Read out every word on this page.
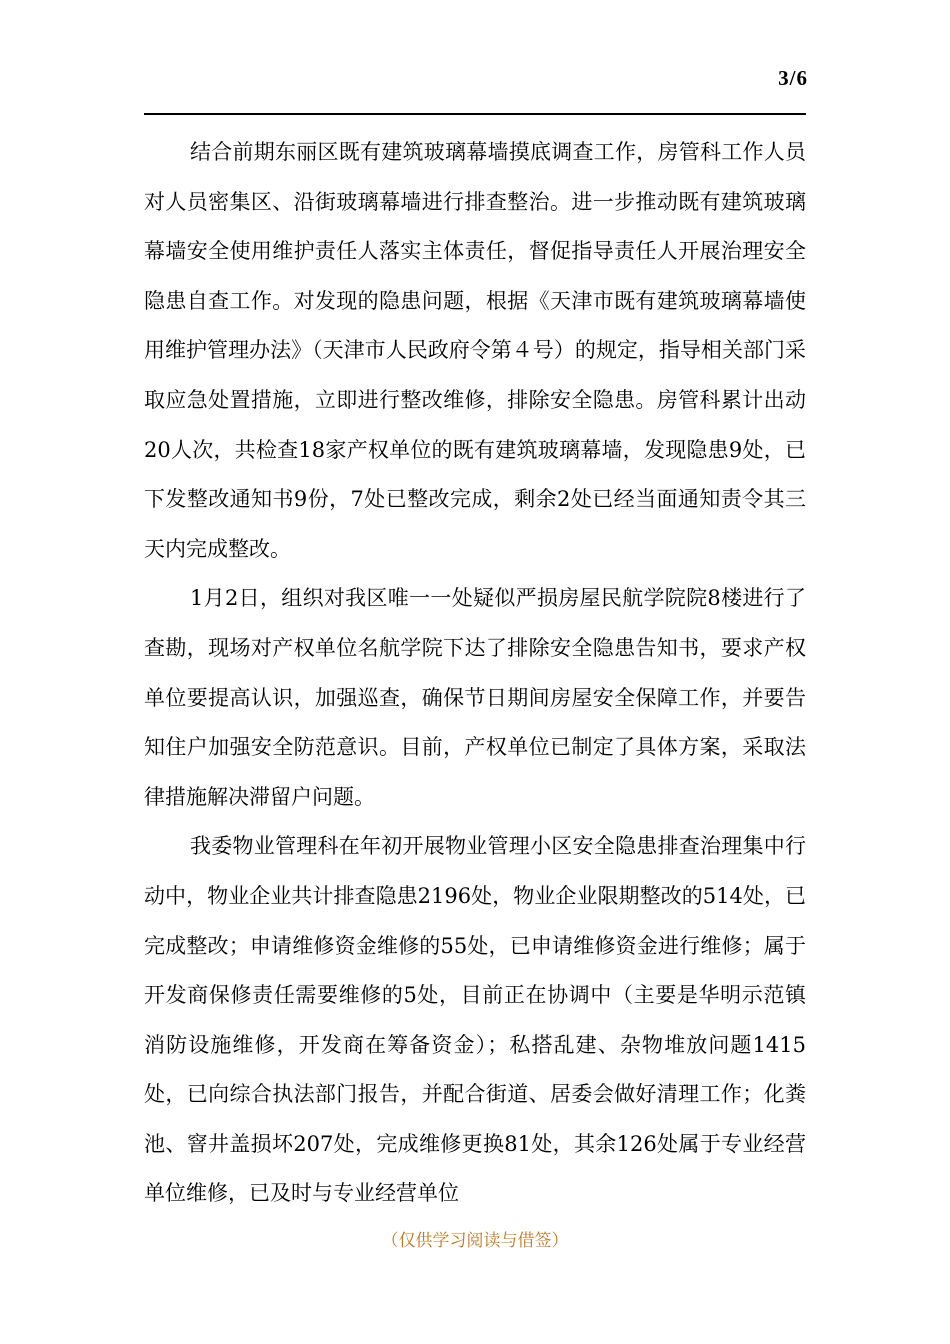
3/6

结合前期东丽区既有建筑玻璃幕墙摸底调查工作，房管科工作人员对人员密集区、沿街玻璃幕墙进行排查整治。进一步推动既有建筑玻璃幕墙安全使用维护责任人落实主体责任，督促指导责任人开展治理安全隐患自查工作。对发现的隐患问题，根据《天津市既有建筑玻璃幕墙使用维护管理办法》（天津市人民政府令第４号）的规定，指导相关部门采取应急处置措施，立即进行整改维修，排除安全隐患。房管科累计出动20人次，共检查18家产权单位的既有建筑玻璃幕墙，发现隐患9处，已下发整改通知书9份，7处已整改完成，剩余2处已经当面通知责令其三天内完成整改。

1月2日，组织对我区唯一一处疑似严损房屋民航学院院8楼进行了查勘，现场对产权单位名航学院下达了排除安全隐患告知书，要求产权单位要提高认识，加强巡查，确保节日期间房屋安全保障工作，并要告知住户加强安全防范意识。目前，产权单位已制定了具体方案，采取法律措施解决滞留户问题。

我委物业管理科在年初开展物业管理小区安全隐患排查治理集中行动中，物业企业共计排查隐患2196处，物业企业限期整改的514处，已完成整改；申请维修资金维修的55处，已申请维修资金进行维修；属于开发商保修责任需要维修的5处，目前正在协调中（主要是华明示范镇消防设施维修，开发商在筹备资金）；私搭乱建、杂物堆放问题1415处，已向综合执法部门报告，并配合街道、居委会做好清理工作；化粪池、窨井盖损坏207处，完成维修更换81处，其余126处属于专业经营单位维修，已及时与专业经营单位

（仅供学习阅读与借签）
